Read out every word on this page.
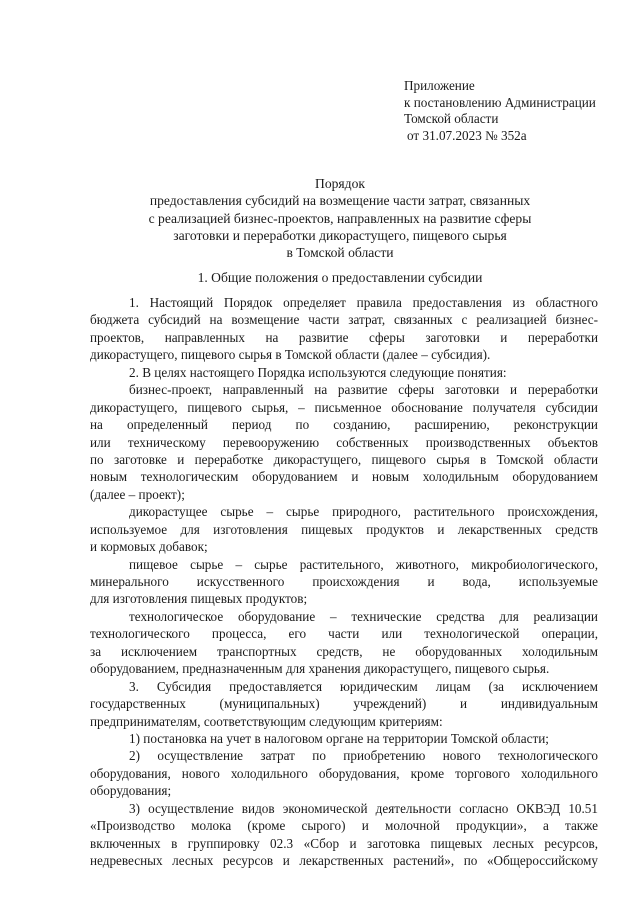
Приложение
к постановлению Администрации
Томской области
от 31.07.2023 № 352а
Порядок
предоставления субсидий на возмещение части затрат, связанных
с реализацией бизнес-проектов, направленных на развитие сферы
заготовки и переработки дикорастущего, пищевого сырья
в Томской области
1. Общие положения о предоставлении субсидии
1. Настоящий Порядок определяет правила предоставления из областного
бюджета субсидий на возмещение части затрат, связанных с реализацией бизнес-
проектов, направленных на развитие сферы заготовки и переработки
дикорастущего, пищевого сырья в Томской области (далее – субсидия).
2. В целях настоящего Порядка используются следующие понятия:
бизнес-проект, направленный на развитие сферы заготовки и переработки
дикорастущего, пищевого сырья, – письменное обоснование получателя субсидии
на определенный период по созданию, расширению, реконструкции
или техническому перевооружению собственных производственных объектов
по заготовке и переработке дикорастущего, пищевого сырья в Томской области
новым технологическим оборудованием и новым холодильным оборудованием
(далее – проект);
дикорастущее сырье – сырье природного, растительного происхождения,
используемое для изготовления пищевых продуктов и лекарственных средств
и кормовых добавок;
пищевое сырье – сырье растительного, животного, микробиологического,
минерального искусственного происхождения и вода, используемые
для изготовления пищевых продуктов;
технологическое оборудование – технические средства для реализации
технологического процесса, его части или технологической операции,
за исключением транспортных средств, не оборудованных холодильным
оборудованием, предназначенным для хранения дикорастущего, пищевого сырья.
3. Субсидия предоставляется юридическим лицам (за исключением
государственных (муниципальных) учреждений) и индивидуальным
предпринимателям, соответствующим следующим критериям:
1) постановка на учет в налоговом органе на территории Томской области;
2) осуществление затрат по приобретению нового технологического
оборудования, нового холодильного оборудования, кроме торгового холодильного
оборудования;
3) осуществление видов экономической деятельности согласно ОКВЭД 10.51
«Производство молока (кроме сырого) и молочной продукции», а также
включенных в группировку 02.3 «Сбор и заготовка пищевых лесных ресурсов,
недревесных лесных ресурсов и лекарственных растений», по «Общероссийскому
